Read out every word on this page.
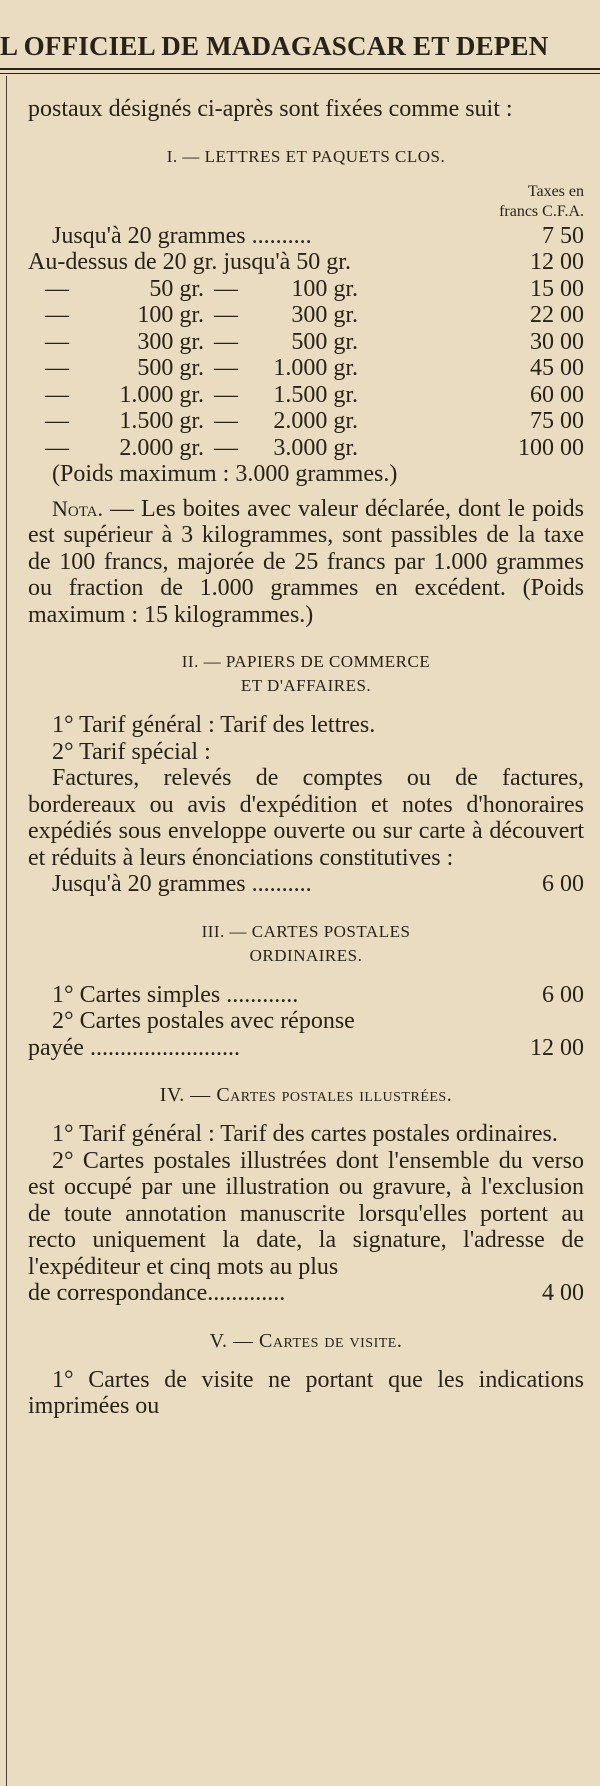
L OFFICIEL DE MADAGASCAR ET DEPEN

postaux désignés ci-après sont fixées comme suit :

I. — LETTRES ET PAQUETS CLOS.
Taxes en
francs C.F.A.
Jusqu'à 20 grammes ..........	7 50
Au-dessus de 20 gr. jusqu'à 50 gr.	12 00
—	50 gr. — 100 gr.	15 00
—	100 gr. — 300 gr.	22 00
—	300 gr. — 500 gr.	30 00
—	500 gr. — 1.000 gr.	45 00
— 1.000 gr. — 1.500 gr.	60 00
— 1.500 gr. — 2.000 gr.	75 00
— 2.000 gr. — 3.000 gr.	100 00

(Poids maximum : 3.000 grammes.)

Nota. — Les boites avec valeur déclarée, dont le poids est supérieur à 3 kilogrammes, sont passibles de la taxe de 100 francs, majorée de 25 francs par 1.000 grammes ou fraction de 1.000 grammes en excédent. (Poids maximum : 15 kilogrammes.)

II. — PAPIERS DE COMMERCE
ET D'AFFAIRES.

1° Tarif général : Tarif des lettres.

2° Tarif spécial :

Factures, relevés de comptes ou de factures, bordereaux ou avis d'expédition et notes d'honoraires expédiés sous enveloppe ouverte ou sur carte à découvert et réduits à leurs énonciations constitutives :

Jusqu'à 20 grammes ..........	6 00
III. — CARTES POSTALES
ORDINAIRES.
1° Cartes simples ............	6 00

2° Cartes postales avec réponse

payée .........................	12 00
IV. — Cartes postales illustrées.

1° Tarif général : Tarif des cartes postales ordinaires.

2° Cartes postales illustrées dont l'ensemble du verso est occupé par une illustration ou gravure, à l'exclusion de toute annotation manuscrite lorsqu'elles portent au recto uniquement la date, la signature, l'adresse de l'expéditeur et cinq mots au plus

de correspondance.............	4 00
V. — Cartes de visite.

1° Cartes de visite ne portant que les indications imprimées ou
